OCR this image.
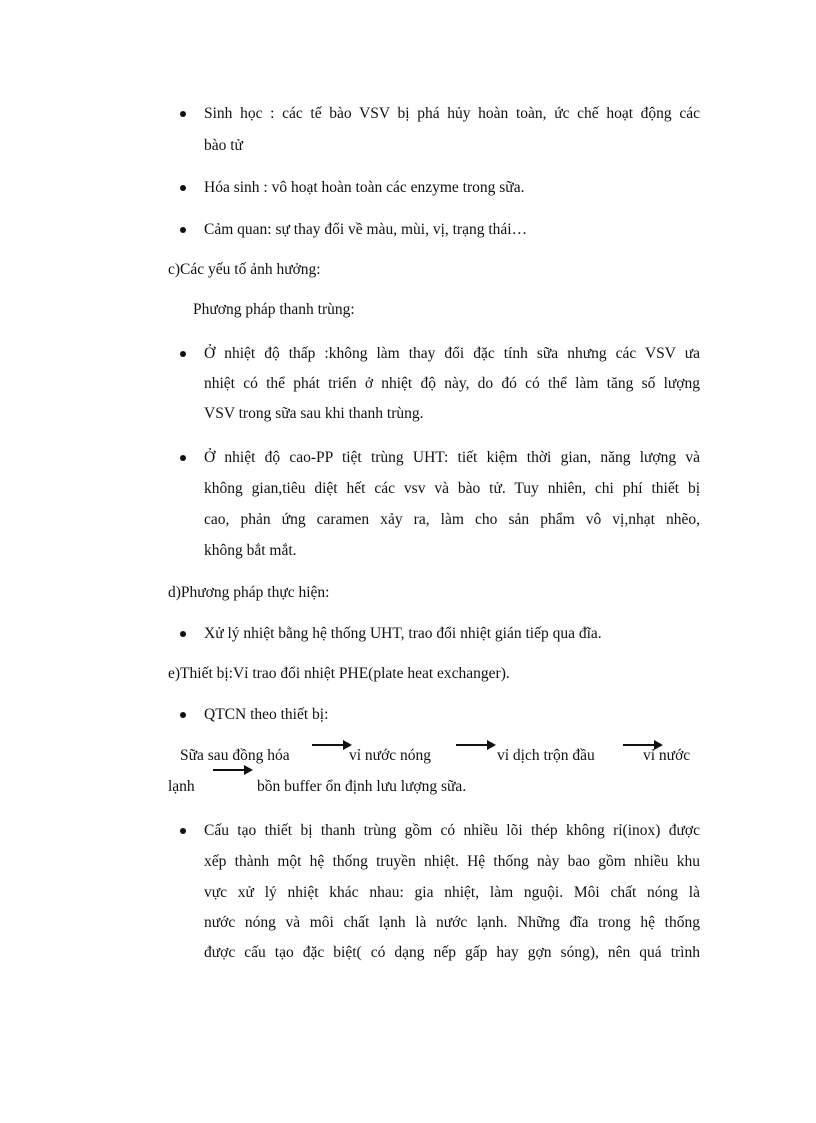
Sinh học : các tế bào VSV bị phá hủy hoàn toàn, ức chế hoạt động các
bào tử
Hóa sinh : vô hoạt hoàn toàn các enzyme trong sữa.
Cảm quan: sự thay đổi về màu, mùi, vị, trạng thái…
c)Các yếu tố ảnh hưởng:
Phương pháp thanh trùng:
Ở nhiệt độ thấp :không làm thay đổi đặc tính sữa nhưng các VSV ưa
nhiệt có thể phát triển ở nhiệt độ này, do đó có thể làm tăng số lượng
VSV trong sữa sau khi thanh trùng.
Ở nhiệt độ cao-PP tiệt trùng UHT: tiết kiệm thời gian, năng lượng và
không gian,tiêu diệt hết các vsv và bào tử. Tuy nhiên, chi phí thiết bị
cao, phản ứng caramen xảy ra, làm cho sản phẩm vô vị,nhạt nhẽo,
không bắt mắt.
d)Phương pháp thực hiện:
Xử lý nhiệt bằng hệ thống UHT, trao đổi nhiệt gián tiếp qua đĩa.
e)Thiết bị:Vỉ trao đổi nhiệt PHE(plate heat exchanger).
QTCN theo thiết bị:
Sữa sau đồng hóa	vỉ nước nóng	vỉ dịch trộn đầu	vỉ nước
lạnh	bồn buffer ổn định lưu lượng sữa.
Cấu tạo thiết bị thanh trùng gồm có nhiều lõi thép không rỉ(inox) được
xếp thành một hệ thống truyền nhiệt. Hệ thống này bao gồm nhiều khu
vực xử lý nhiệt khác nhau: gia nhiệt, làm nguội. Môi chất nóng là
nước nóng và môi chất lạnh là nước lạnh. Những đĩa trong hệ thống
được cấu tạo đặc biệt( có dạng nếp gấp hay gợn sóng), nên quá trình
